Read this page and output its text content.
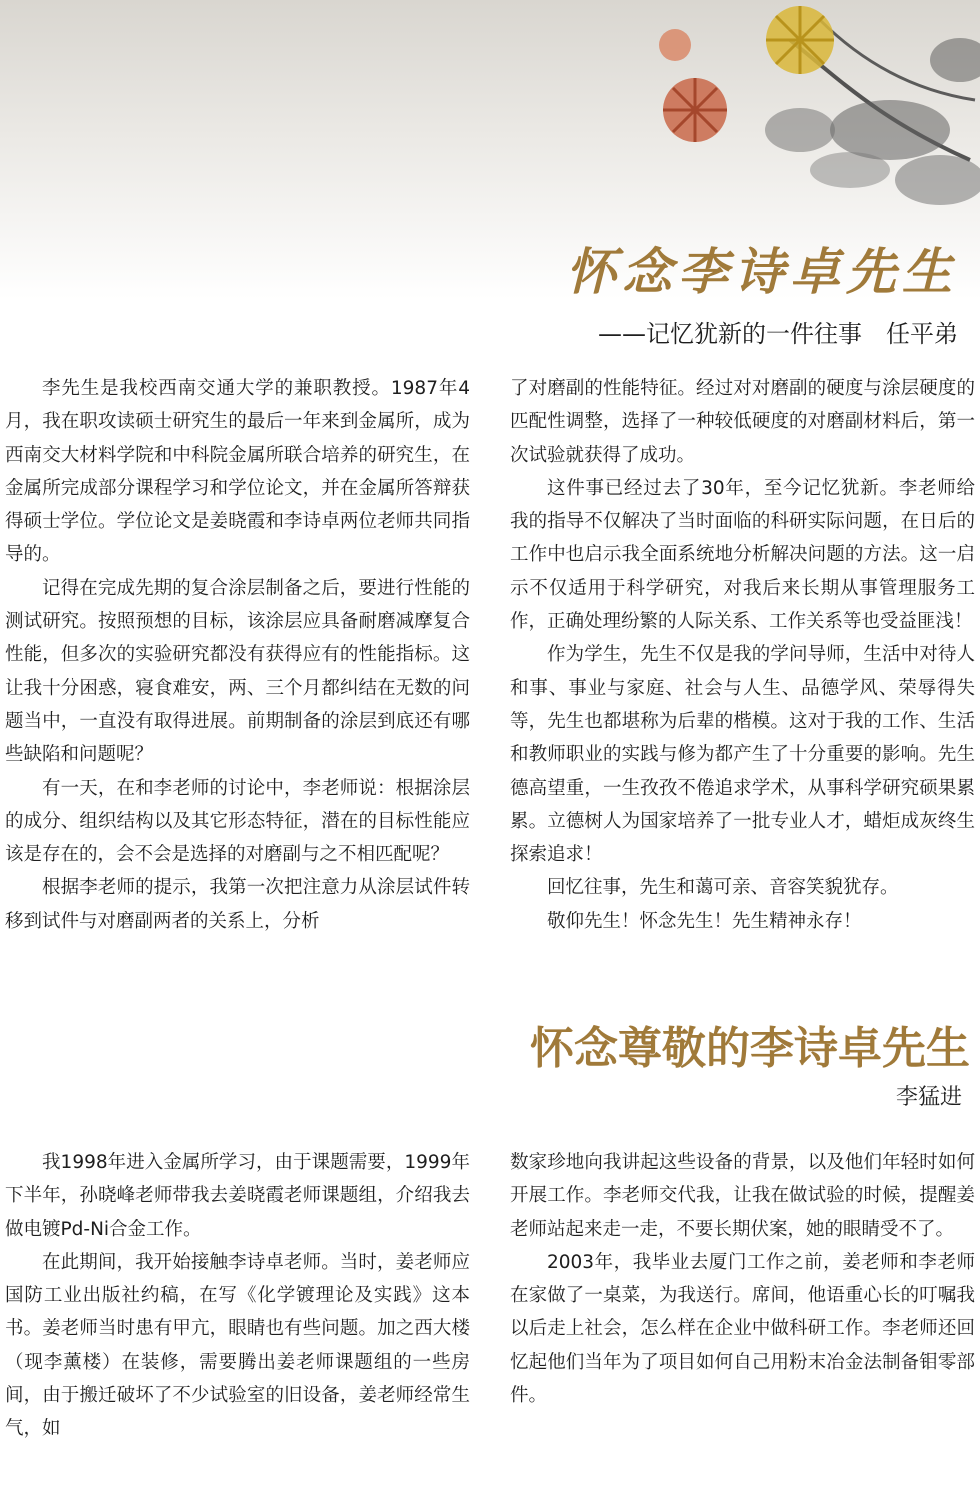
怀念李诗卓先生
——记忆犹新的一件往事　任平弟

李先生是我校西南交通大学的兼职教授。1987年4月，我在职攻读硕士研究生的最后一年来到金属所，成为西南交大材料学院和中科院金属所联合培养的研究生，在金属所完成部分课程学习和学位论文，并在金属所答辩获得硕士学位。学位论文是姜晓霞和李诗卓两位老师共同指导的。

记得在完成先期的复合涂层制备之后，要进行性能的测试研究。按照预想的目标，该涂层应具备耐磨减摩复合性能，但多次的实验研究都没有获得应有的性能指标。这让我十分困惑，寝食难安，两、三个月都纠结在无数的问题当中，一直没有取得进展。前期制备的涂层到底还有哪些缺陷和问题呢？

有一天，在和李老师的讨论中，李老师说：根据涂层的成分、组织结构以及其它形态特征，潜在的目标性能应该是存在的，会不会是选择的对磨副与之不相匹配呢？

根据李老师的提示，我第一次把注意力从涂层试件转移到试件与对磨副两者的关系上，分析

了对磨副的性能特征。经过对对磨副的硬度与涂层硬度的匹配性调整，选择了一种较低硬度的对磨副材料后，第一次试验就获得了成功。

这件事已经过去了30年，至今记忆犹新。李老师给我的指导不仅解决了当时面临的科研实际问题，在日后的工作中也启示我全面系统地分析解决问题的方法。这一启示不仅适用于科学研究，对我后来长期从事管理服务工作，正确处理纷繁的人际关系、工作关系等也受益匪浅！

作为学生，先生不仅是我的学问导师，生活中对待人和事、事业与家庭、社会与人生、品德学风、荣辱得失等，先生也都堪称为后辈的楷模。这对于我的工作、生活和教师职业的实践与修为都产生了十分重要的影响。先生德高望重，一生孜孜不倦追求学术，从事科学研究硕果累累。立德树人为国家培养了一批专业人才，蜡炬成灰终生探索追求！

回忆往事，先生和蔼可亲、音容笑貌犹存。

敬仰先生！怀念先生！先生精神永存！

怀念尊敬的李诗卓先生
李猛进

我1998年进入金属所学习，由于课题需要，1999年下半年，孙晓峰老师带我去姜晓霞老师课题组，介绍我去做电镀Pd-Ni合金工作。

在此期间，我开始接触李诗卓老师。当时，姜老师应国防工业出版社约稿，在写《化学镀理论及实践》这本书。姜老师当时患有甲亢，眼睛也有些问题。加之西大楼（现李薰楼）在装修，需要腾出姜老师课题组的一些房间，由于搬迁破坏了不少试验室的旧设备，姜老师经常生气，如

数家珍地向我讲起这些设备的背景，以及他们年轻时如何开展工作。李老师交代我，让我在做试验的时候，提醒姜老师站起来走一走，不要长期伏案，她的眼睛受不了。

2003年，我毕业去厦门工作之前，姜老师和李老师在家做了一桌菜，为我送行。席间，他语重心长的叮嘱我以后走上社会，怎么样在企业中做科研工作。李老师还回忆起他们当年为了项目如何自己用粉末冶金法制备钼零部件。
